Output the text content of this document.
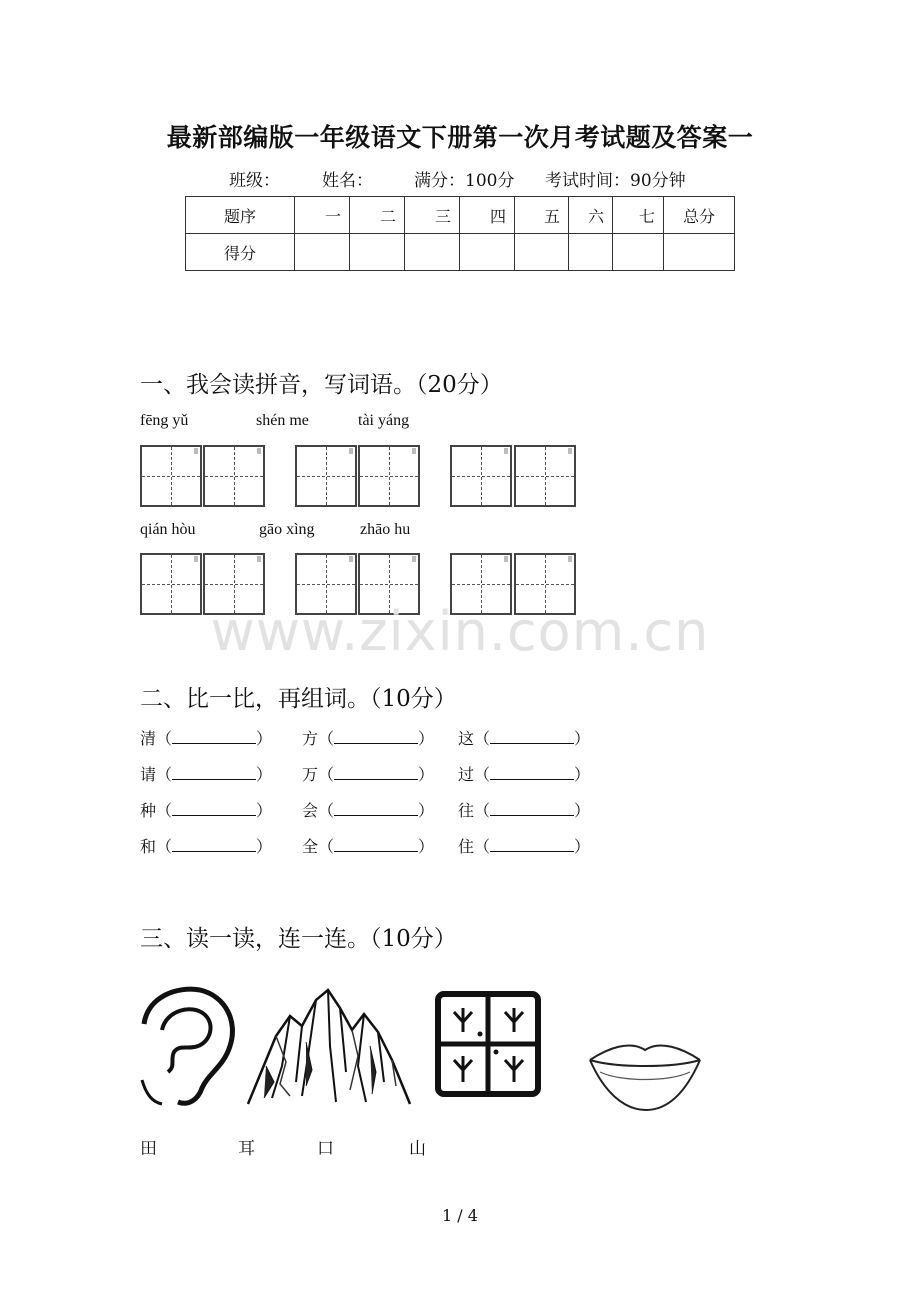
最新部编版一年级语文下册第一次月考试题及答案一
班级： 姓名： 满分：100分 考试时间：90分钟
题序	一	二	三	四	五	六	七	总分
得分								
一、我会读拼音，写词语。（20分）
fēng yǔ	shén me	tài yáng
qián hòu	gāo xìng	zhāo hu
www.zixin.com.cn
二、比一比，再组词。（10分）
清（	） 方（	） 这（	）
请（	） 万（	） 过（	）
种（	） 会（	） 往（	）
和（	） 全（	） 住（	）
三、读一读，连一连。（10分）
田	耳	口	山
1 / 4
